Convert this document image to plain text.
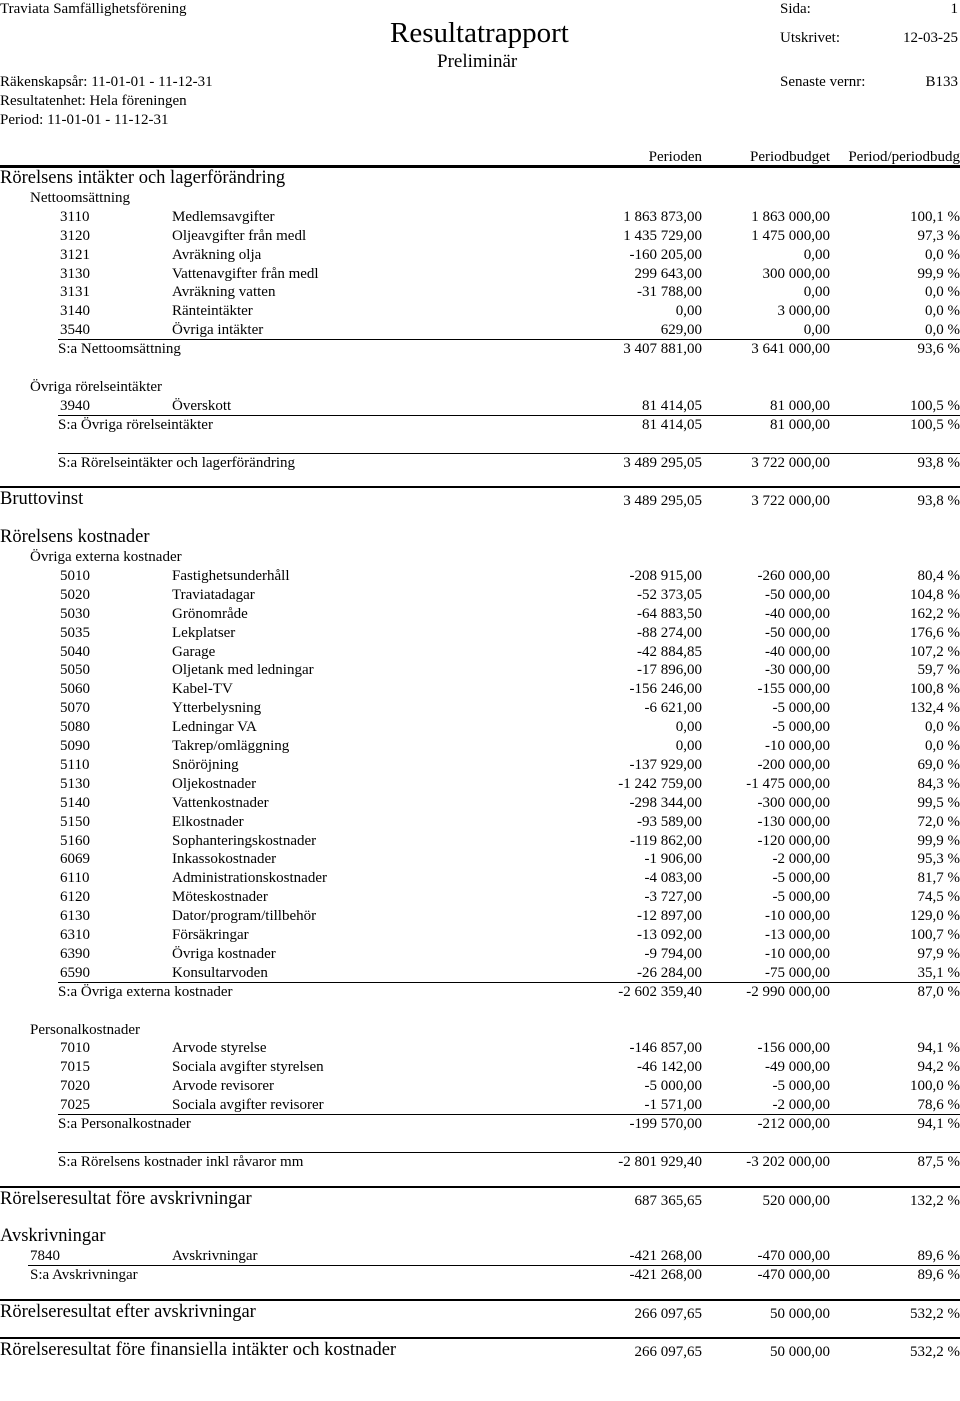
Traviata Samfällighetsförening
Resultatrapport
Preliminär
Sida:	1
Utskrivet:	12-03-25
Räkenskapsår: 11-01-01 - 11-12-31	Senaste vernr:	B133
Resultatenhet: Hela föreningen
Period: 11-01-01 - 11-12-31
Perioden	Periodbudget Period/periodbudg
Rörelsens intäkter och lagerförändring
Nettoomsättning
3110	Medlemsavgifter	1 863 873,00	1 863 000,00	100,1 %
3120	Oljeavgifter från medl	1 435 729,00	1 475 000,00	97,3 %
3121	Avräkning olja	-160 205,00	0,00	0,0 %
3130	Vattenavgifter från medl	299 643,00	300 000,00	99,9 %
3131	Avräkning vatten	-31 788,00	0,00	0,0 %
3140	Ränteintäkter	0,00	3 000,00	0,0 %
3540	Övriga intäkter	629,00	0,00	0,0 %
S:a Nettoomsättning	3 407 881,00	3 641 000,00	93,6 %
Övriga rörelseintäkter
3940	Överskott	81 414,05	81 000,00	100,5 %
S:a Övriga rörelseintäkter	81 414,05	81 000,00	100,5 %
S:a Rörelseintäkter och lagerförändring	3 489 295,05	3 722 000,00	93,8 %
Bruttovinst	3 489 295,05	3 722 000,00	93,8 %
Rörelsens kostnader
Övriga externa kostnader
5010	Fastighetsunderhåll	-208 915,00	-260 000,00	80,4 %
5020	Traviatadagar	-52 373,05	-50 000,00	104,8 %
5030	Grönområde	-64 883,50	-40 000,00	162,2 %
5035	Lekplatser	-88 274,00	-50 000,00	176,6 %
5040	Garage	-42 884,85	-40 000,00	107,2 %
5050	Oljetank med ledningar	-17 896,00	-30 000,00	59,7 %
5060	Kabel-TV	-156 246,00	-155 000,00	100,8 %
5070	Ytterbelysning	-6 621,00	-5 000,00	132,4 %
5080	Ledningar VA	0,00	-5 000,00	0,0 %
5090	Takrep/omläggning	0,00	-10 000,00	0,0 %
5110	Snöröjning	-137 929,00	-200 000,00	69,0 %
5130	Oljekostnader	-1 242 759,00	-1 475 000,00	84,3 %
5140	Vattenkostnader	-298 344,00	-300 000,00	99,5 %
5150	Elkostnader	-93 589,00	-130 000,00	72,0 %
5160	Sophanteringskostnader	-119 862,00	-120 000,00	99,9 %
6069	Inkassokostnader	-1 906,00	-2 000,00	95,3 %
6110	Administrationskostnader	-4 083,00	-5 000,00	81,7 %
6120	Möteskostnader	-3 727,00	-5 000,00	74,5 %
6130	Dator/program/tillbehör	-12 897,00	-10 000,00	129,0 %
6310	Försäkringar	-13 092,00	-13 000,00	100,7 %
6390	Övriga kostnader	-9 794,00	-10 000,00	97,9 %
6590	Konsultarvoden	-26 284,00	-75 000,00	35,1 %
S:a Övriga externa kostnader	-2 602 359,40	-2 990 000,00	87,0 %
Personalkostnader
7010	Arvode styrelse	-146 857,00	-156 000,00	94,1 %
7015	Sociala avgifter styrelsen	-46 142,00	-49 000,00	94,2 %
7020	Arvode revisorer	-5 000,00	-5 000,00	100,0 %
7025	Sociala avgifter revisorer	-1 571,00	-2 000,00	78,6 %
S:a Personalkostnader	-199 570,00	-212 000,00	94,1 %
S:a Rörelsens kostnader inkl råvaror mm	-2 801 929,40	-3 202 000,00	87,5 %
Rörelseresultat före avskrivningar	687 365,65	520 000,00	132,2 %
Avskrivningar
7840	Avskrivningar	-421 268,00	-470 000,00	89,6 %
S:a Avskrivningar	-421 268,00	-470 000,00	89,6 %
Rörelseresultat efter avskrivningar	266 097,65	50 000,00	532,2 %
Rörelseresultat före finansiella intäkter och kostnader	266 097,65	50 000,00	532,2 %
